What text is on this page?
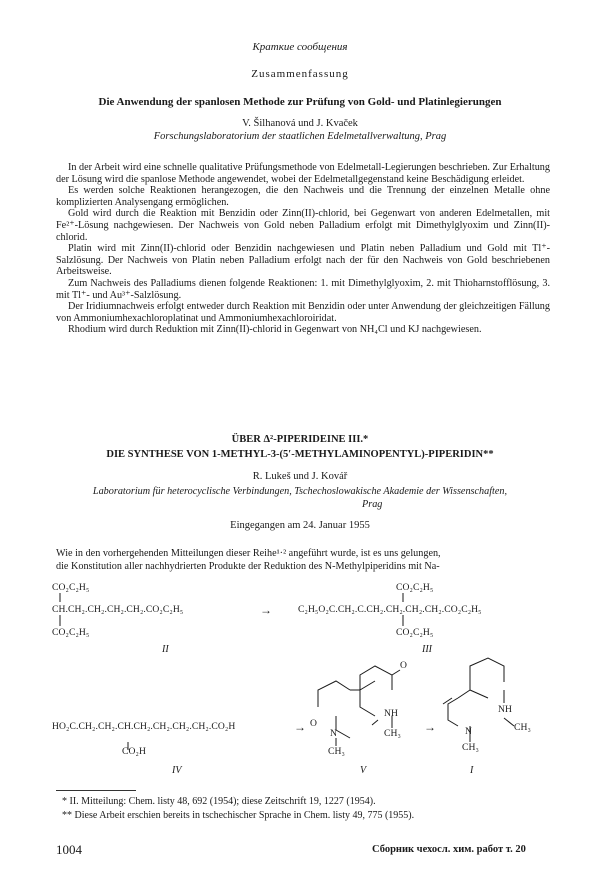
Краткие сообщения
Zusammenfassung
Die Anwendung der spanlosen Methode zur Prüfung von Gold- und Platinlegierungen
V. Šilhanová und J. Kvaček
Forschungslaboratorium der staatlichen Edelmetallverwaltung, Prag

In der Arbeit wird eine schnelle qualitative Prüfungsmethode von Edelmetall-Legierungen beschrieben. Zur Erhaltung der Lösung wird die spanlose Methode angewendet, wobei der Edelmetallgegenstand keine Beschädigung erleidet.

Es werden solche Reaktionen herangezogen, die den Nachweis und die Trennung der einzelnen Metalle ohne komplizierten Analysengang ermöglichen.

Gold wird durch die Reaktion mit Benzidin oder Zinn(II)-chlorid, bei Gegenwart von anderen Edelmetallen, mit Fe²⁺-Lösung nachgewiesen. Der Nachweis von Gold neben Palladium erfolgt mit Dimethylglyoxim und Zinn(II)-chlorid.

Platin wird mit Zinn(II)-chlorid oder Benzidin nachgewiesen und Platin neben Palladium und Gold mit Tl⁺-Salzlösung. Der Nachweis von Platin neben Palladium erfolgt nach der für den Nachweis von Gold beschriebenen Arbeitsweise.

Zum Nachweis des Palladiums dienen folgende Reaktionen: 1. mit Dimethylglyoxim, 2. mit Thioharnstofflösung, 3. mit Tl⁺- und Au³⁺-Salzlösung.

Der Iridiumnachweis erfolgt entweder durch Reaktion mit Benzidin oder unter Anwendung der gleichzeitigen Fällung von Ammoniumhexachloroplatinat und Ammoniumhexachloroiridat.

Rhodium wird durch Reduktion mit Zinn(II)-chlorid in Gegenwart von NH₄Cl und KJ nachgewiesen.

ÜBER Δ²-PIPERIDEINE III.*
DIE SYNTHESE VON 1-METHYL-3-(5′-METHYLAMINOPENTYL)-PIPERIDIN**
R. Lukeš und J. Kovář
Laboratorium für heterocyclische Verbindungen, Tschechoslowakische Akademie der Wissenschaften,
Prag
Eingegangen am 24. Januar 1955
Wie in den vorhergehenden Mitteilungen dieser Reihe¹·² angeführt wurde, ist es uns gelungen,
die Konstitution aller nachhydrierten Produkte der Reduktion des N-Methylpiperidins mit Na-
CO₂C₂H₅
CH.CH₂.CH₂.CH₂.CH₂.CO₂C₂H₅
CO₂C₂H₅
→
CO₂C₂H₅
C₂H₅O₂C.CH₂.C.CH₂.CH₂.CH₂.CH₂.CO₂C₂H₅
CO₂C₂H₅
II	III
HO₂C.CH₂.CH₂.CH.CH₂.CH₂.CH₂.CH₂.CO₂H
CO₂H
→
O
O
N
NH
CH₃
CH₃ →	N
NH
CH₃
CH₃
IV	V	I
* II. Mitteilung: Chem. listy 48, 692 (1954); diese Zeitschrift 19, 1227 (1954).
** Diese Arbeit erschien bereits in tschechischer Sprache in Chem. listy 49, 775 (1955).
1004	Сборник чехосл. хим. работ т. 20
